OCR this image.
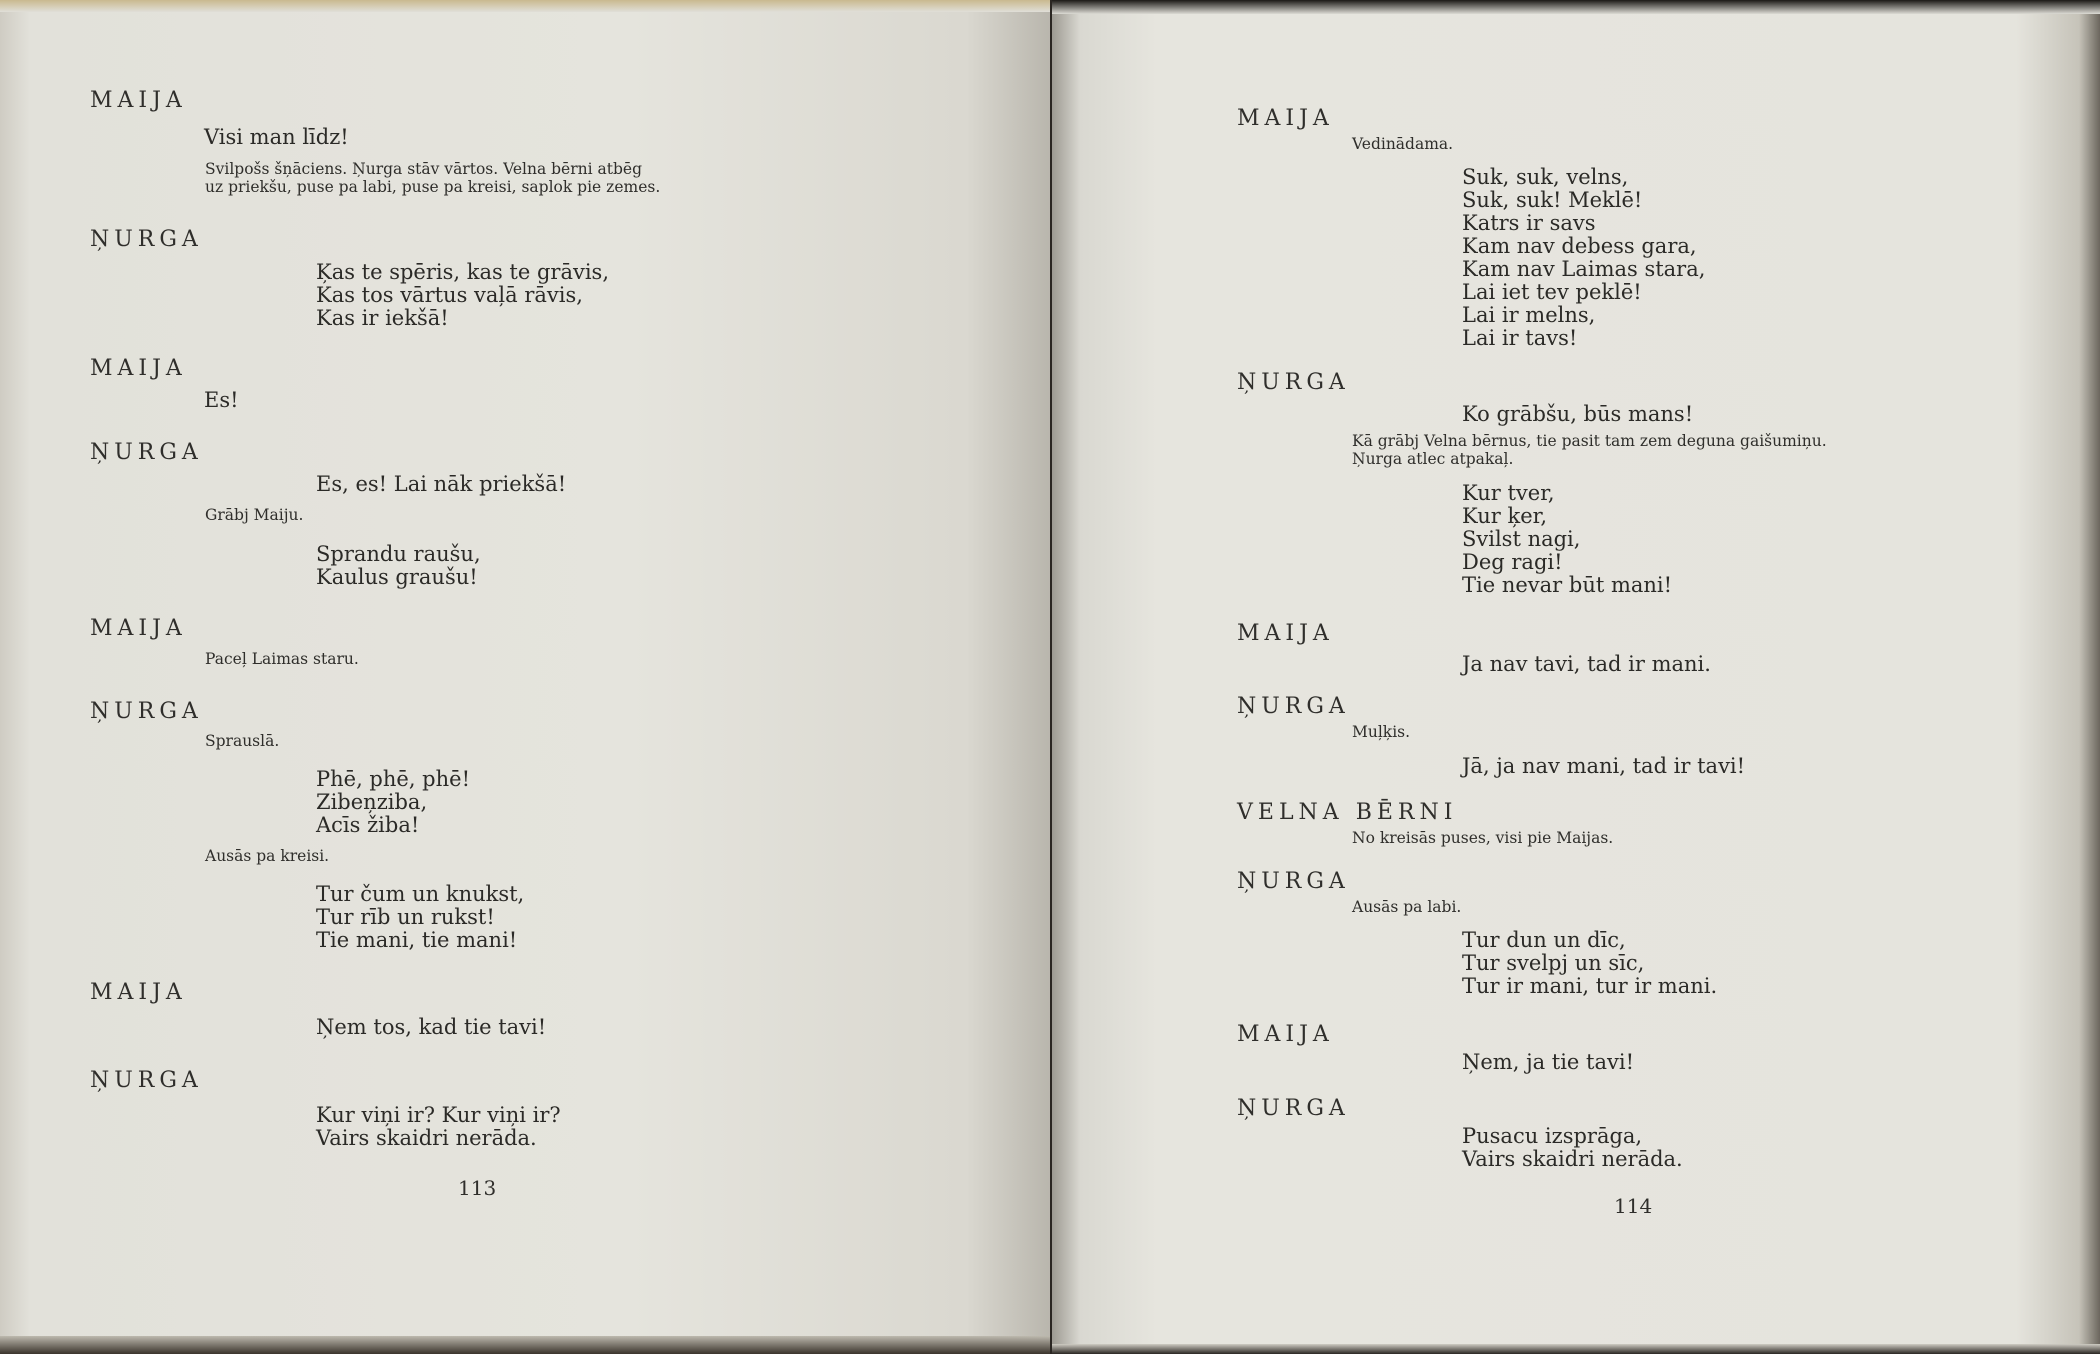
MAIJA
Visi man līdz!
Svilpošs šņāciens. Ņurga stāv vārtos. Velna bērni atbēg
uz priekšu, puse pa labi, puse pa kreisi, saplok pie zemes.
ŅURGA
Ķas te spēris, kas te grāvis,
Kas tos vārtus vaļā rāvis,
Kas ir iekšā!
MAIJA
Es!
ŅURGA
Es, es! Lai nāk priekšā!
Grābj Maiju.
Sprandu raušu,
Kaulus graušu!
MAIJA
Paceļ Laimas staru.
ŅURGA
Sprauslā.
Phē, phē, phē!
Zibeņziba,
Acīs žiba!
Ausās pa kreisi.
Tur čum un knukst,
Tur rīb un rukst!
Tie mani, tie mani!
MAIJA
Ņem tos, kad tie tavi!
ŅURGA
Kur viņi ir? Kur viņi ir?
Vairs skaidri nerāda.
113
MAIJA
Vedinādama.
Suk, suk, velns,
Suk, suk! Meklē!
Katrs ir savs
Kam nav debess gara,
Kam nav Laimas stara,
Lai iet tev peklē!
Lai ir melns,
Lai ir tavs!
ŅURGA
Ko grābšu, būs mans!
Kā grābj Velna bērnus, tie pasit tam zem deguna gaišumiņu.
Ņurga atlec atpakaļ.
Kur tver,
Kur ķer,
Svilst nagi,
Deg ragi!
Tie nevar būt mani!
MAIJA
Ja nav tavi, tad ir mani.
ŅURGA
Muļķis.
Jā, ja nav mani, tad ir tavi!
VELNA BĒRNI
No kreisās puses, visi pie Maijas.
ŅURGA
Ausās pa labi.
Tur dun un dīc,
Tur svelpj un sīc,
Tur ir mani, tur ir mani.
MAIJA
Ņem, ja tie tavi!
ŅURGA
Pusacu izsprāga,
Vairs skaidri nerāda.
114
